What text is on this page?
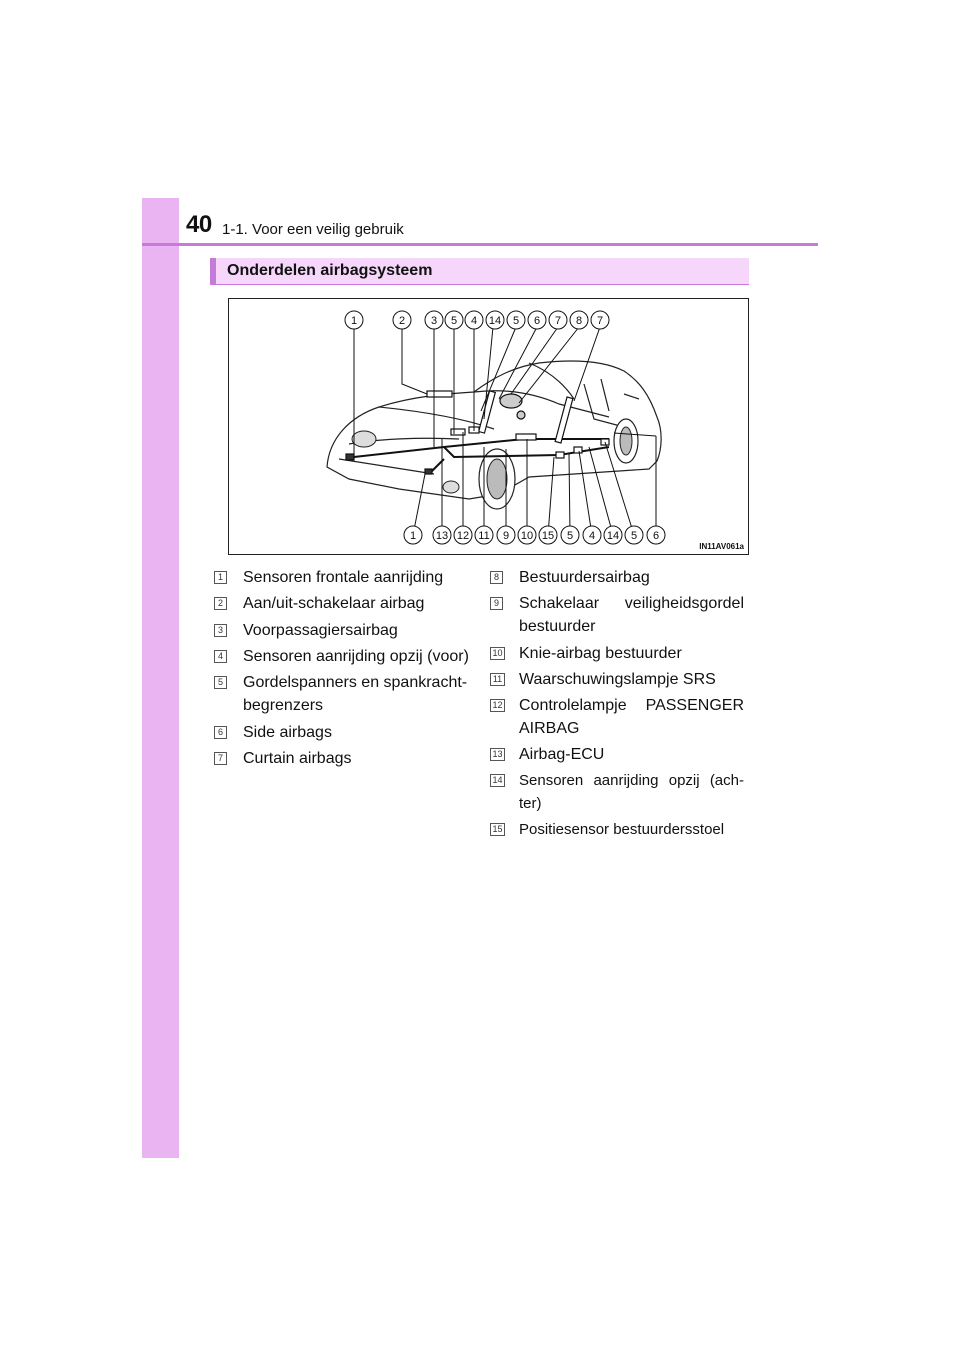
40 1-1. Voor een veilig gebruik
Onderdelen airbagsysteem
1	2 3 5 4 14 5 6 7 8 7
1 13 12 11 9 10 15 5 4 14 5 6
IN11AV061a
1 Sensoren frontale aanrijding
2 Aan/uit-schakelaar airbag
3 Voorpassagiersairbag
4 Sensoren aanrijding opzij (voor)
5 Gordelspanners en spankracht-
begrenzers
6 Side airbags
7 Curtain airbags
8 Bestuurdersairbag
9 Schakelaar veiligheidsgordel
bestuurder
10 Knie-airbag bestuurder
11 Waarschuwingslampje SRS
12 Controlelampje PASSENGER
AIRBAG
13 Airbag-ECU
14 Sensoren aanrijding opzij (ach-
ter)
15 Positiesensor bestuurdersstoel
